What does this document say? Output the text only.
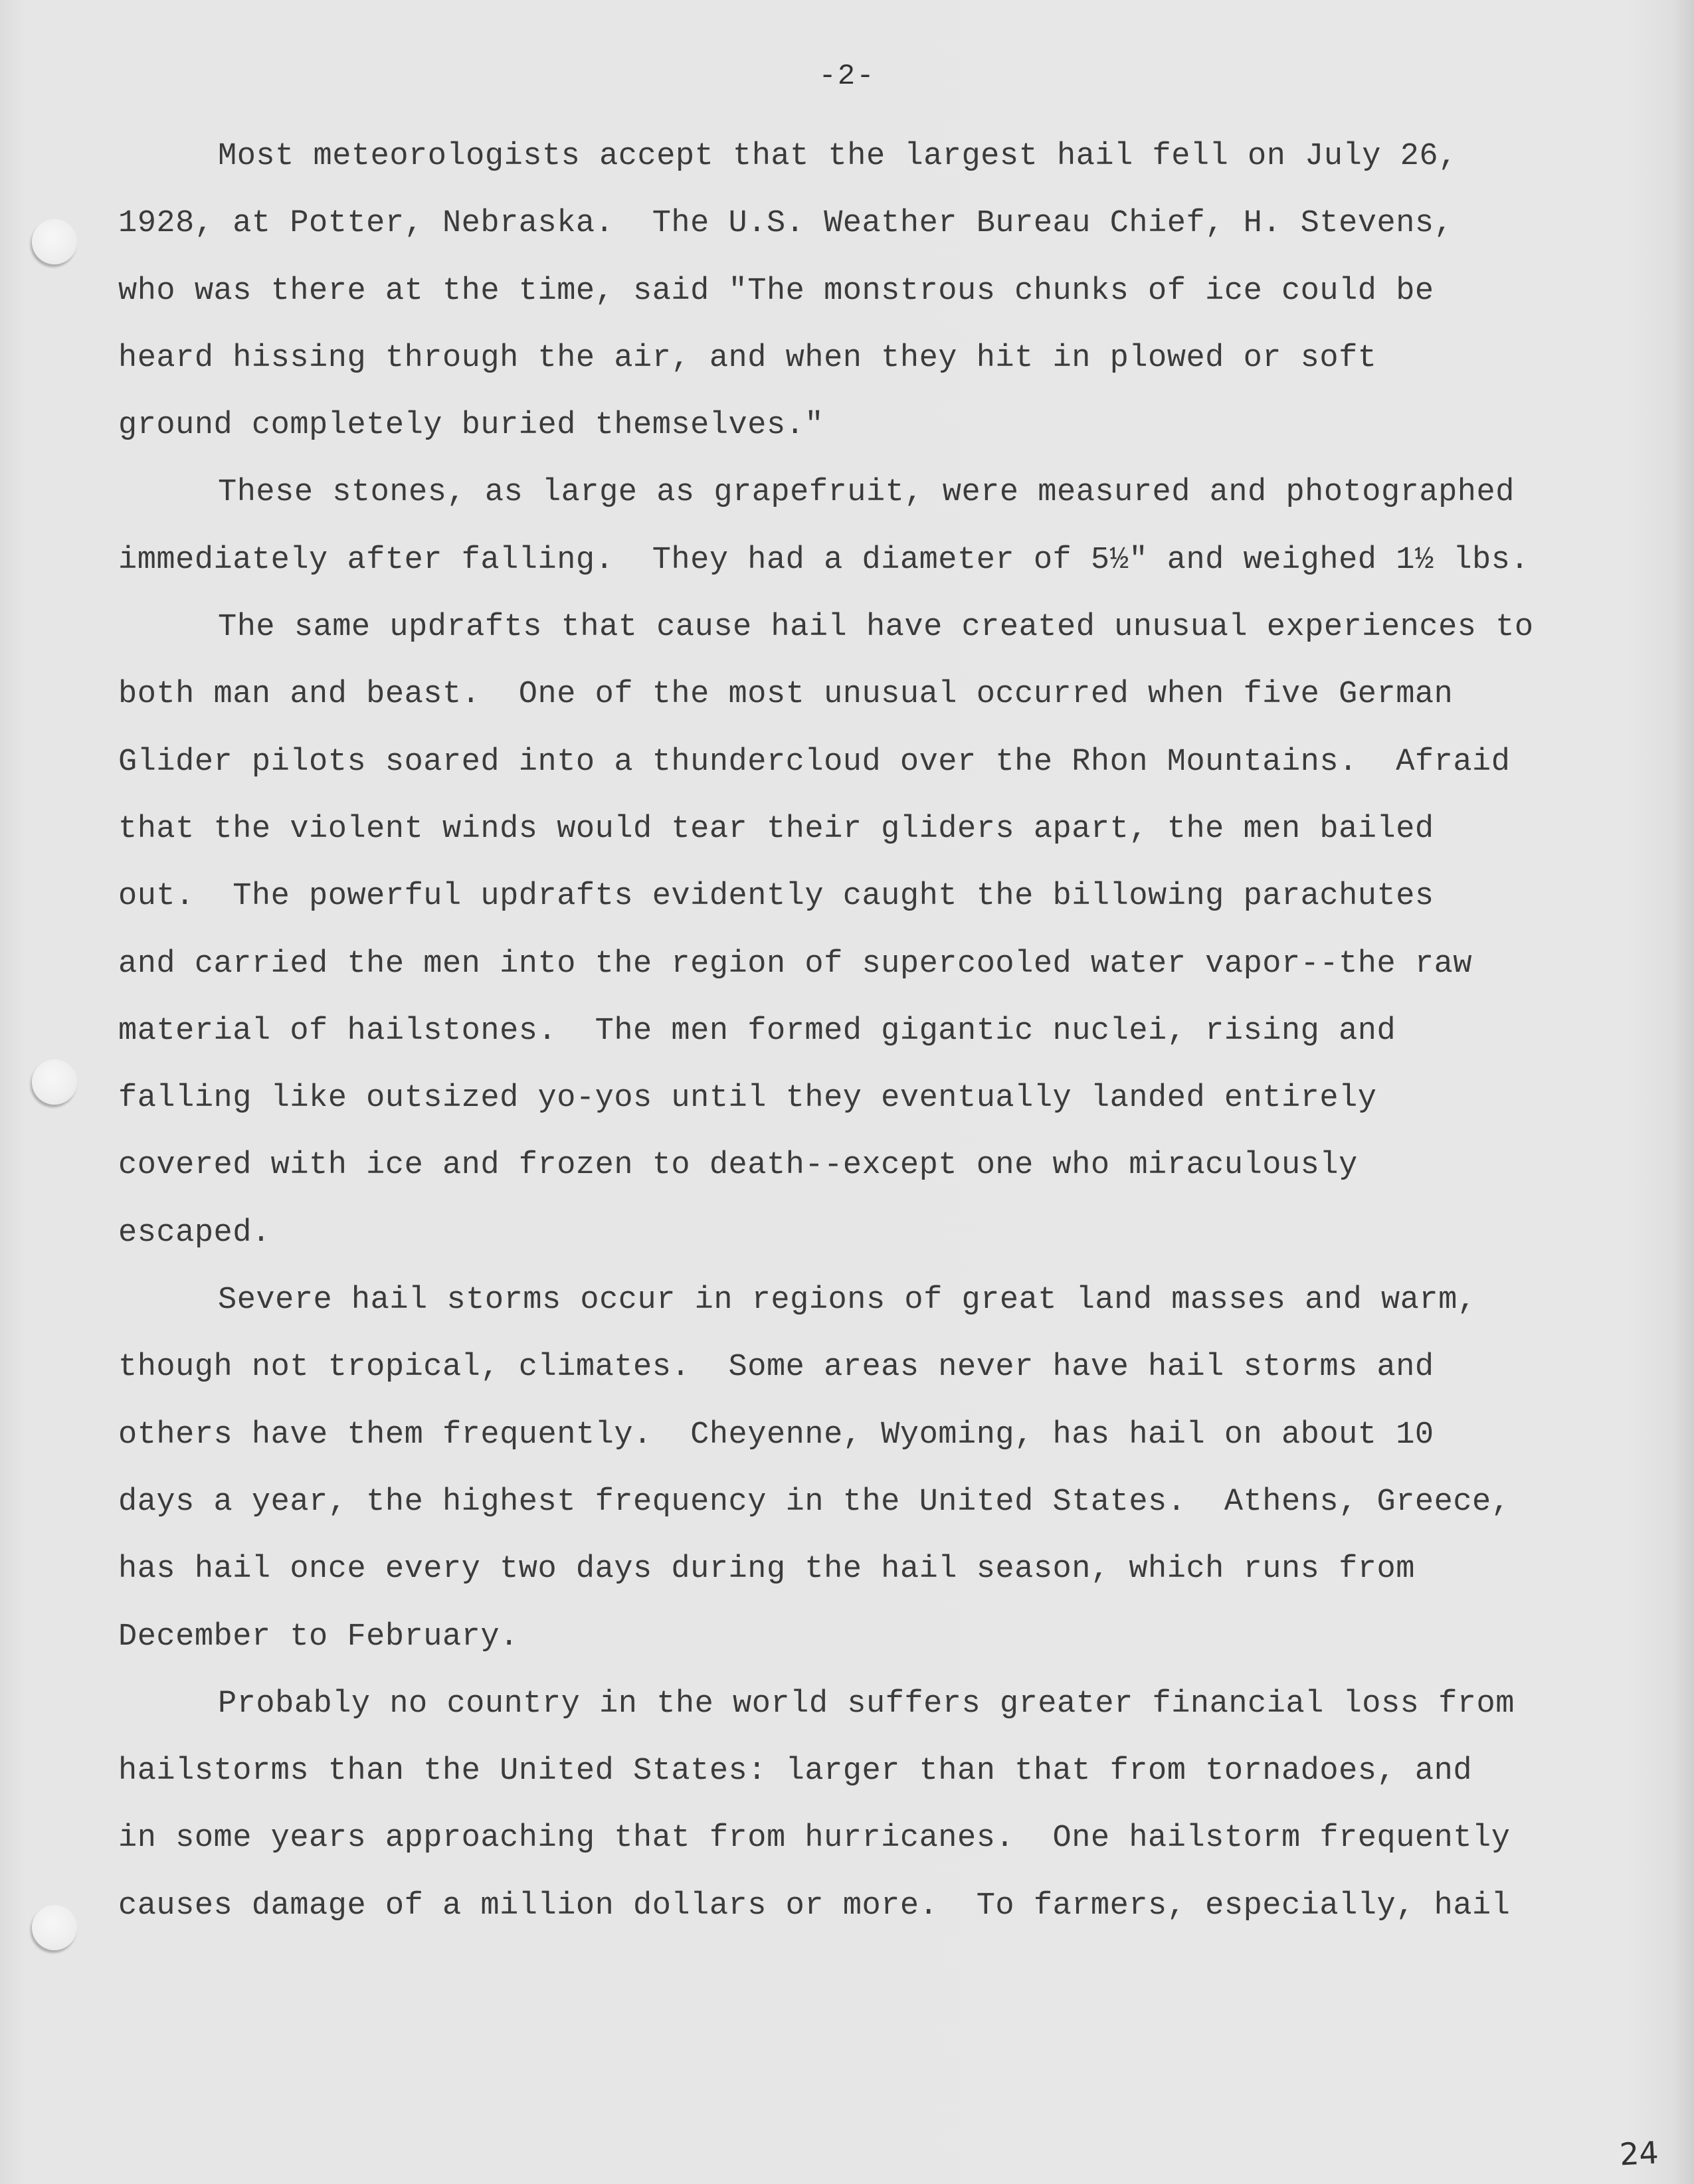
-2-
Most meteorologists accept that the largest hail fell on July 26,
1928, at Potter, Nebraska.  The U.S. Weather Bureau Chief, H. Stevens,
who was there at the time, said "The monstrous chunks of ice could be
heard hissing through the air, and when they hit in plowed or soft
ground completely buried themselves."
These stones, as large as grapefruit, were measured and photographed
immediately after falling.  They had a diameter of 5½" and weighed 1½ lbs.
The same updrafts that cause hail have created unusual experiences to
both man and beast.  One of the most unusual occurred when five German
Glider pilots soared into a thundercloud over the Rhon Mountains.  Afraid
that the violent winds would tear their gliders apart, the men bailed
out.  The powerful updrafts evidently caught the billowing parachutes
and carried the men into the region of supercooled water vapor--the raw
material of hailstones.  The men formed gigantic nuclei, rising and
falling like outsized yo-yos until they eventually landed entirely
covered with ice and frozen to death--except one who miraculously
escaped.
Severe hail storms occur in regions of great land masses and warm,
though not tropical, climates.  Some areas never have hail storms and
others have them frequently.  Cheyenne, Wyoming, has hail on about 10
days a year, the highest frequency in the United States.  Athens, Greece,
has hail once every two days during the hail season, which runs from
December to February.
Probably no country in the world suffers greater financial loss from
hailstorms than the United States: larger than that from tornadoes, and
in some years approaching that from hurricanes.  One hailstorm frequently
causes damage of a million dollars or more.  To farmers, especially, hail
24
